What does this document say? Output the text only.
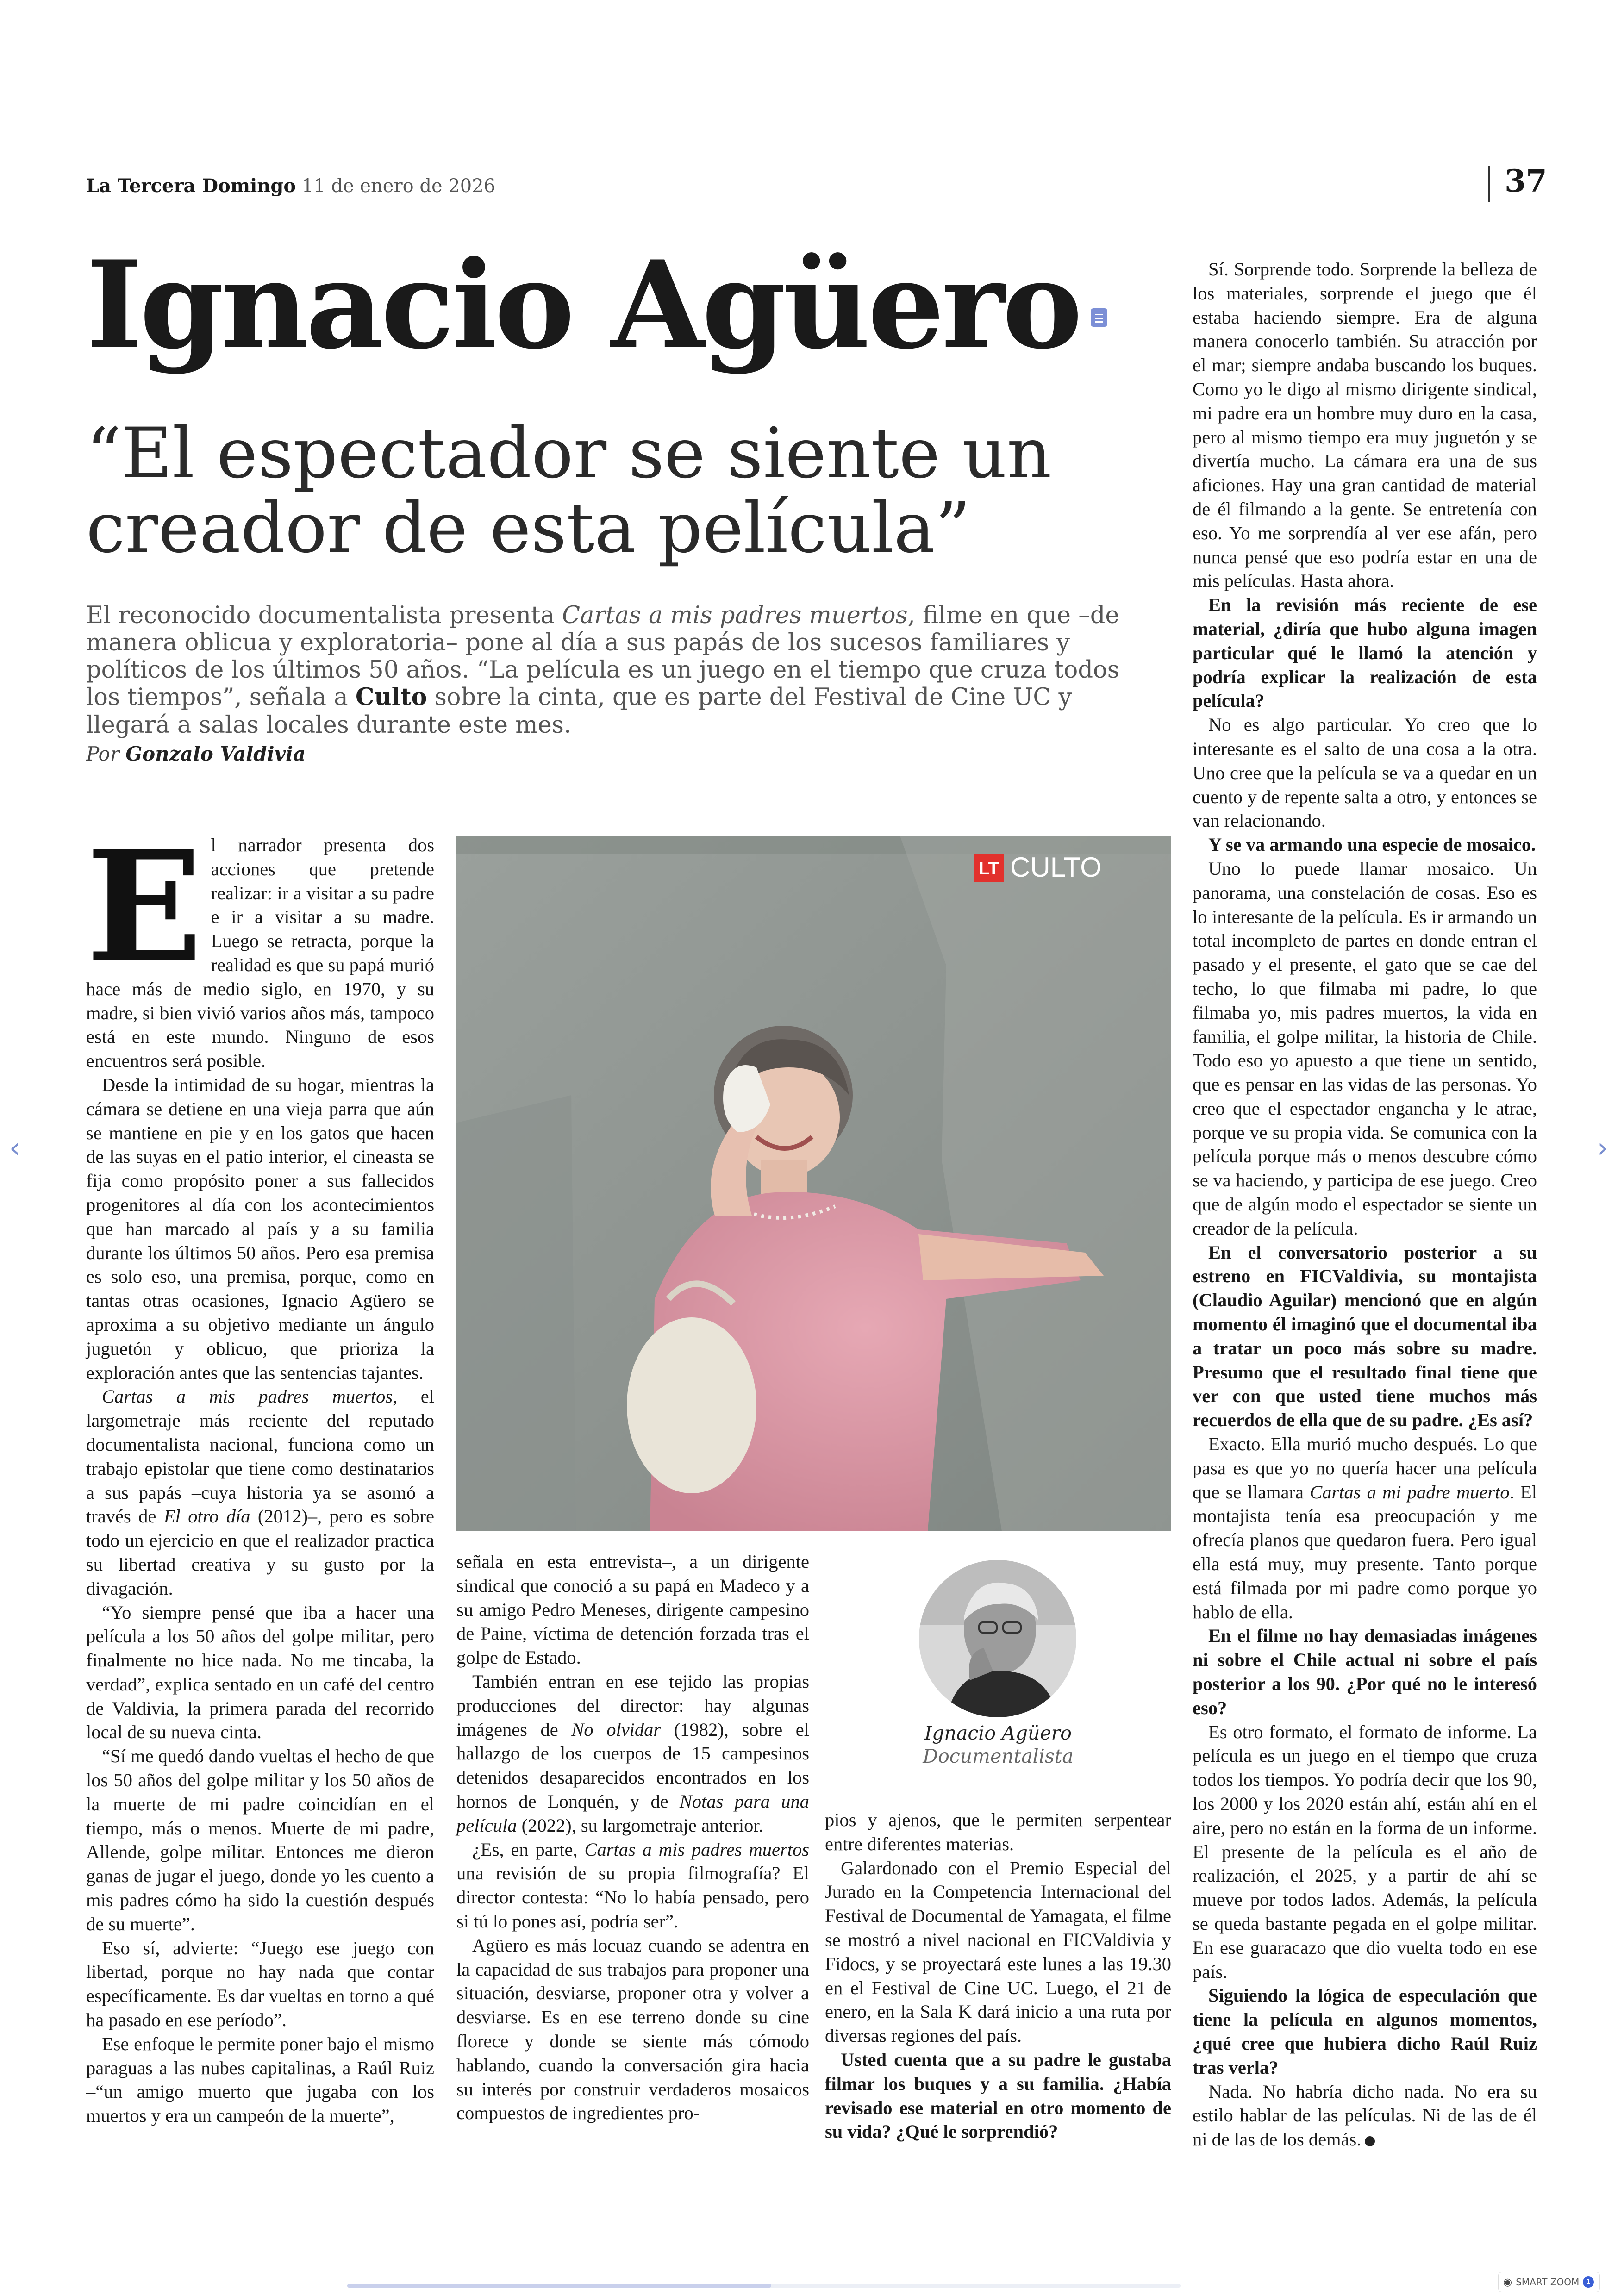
La Tercera Domingo 11 de enero de 2026	37
Ignacio Agüero
“El espectador se siente un creador de esta película”
El reconocido documentalista presenta Cartas a mis padres muertos, filme en que –de manera oblicua y exploratoria– pone al día a sus papás de los sucesos familiares y políticos de los últimos 50 años. “La película es un juego en el tiempo que cruza todos los tiempos”, señala a Culto sobre la cinta, que es parte del Festival de Cine UC y llegará a salas locales durante este mes.
Por Gonzalo Valdivia
E l narrador presenta dos acciones que pretende realizar: ir a visitar a su padre e ir a visitar a su madre. Luego se retracta, porque la realidad es que su papá murió hace más de medio siglo, en 1970, y su madre, si bien vivió varios años más, tampoco está en este mundo. Ninguno de esos encuentros será posible.

Desde la intimidad de su hogar, mientras la cámara se detiene en una vieja parra que aún se mantiene en pie y en los gatos que hacen de las suyas en el patio interior, el cineasta se fija como propósito poner a sus fallecidos progenitores al día con los acontecimientos que han marcado al país y a su familia durante los últimos 50 años. Pero esa premisa es solo eso, una premisa, porque, como en tantas otras ocasiones, Ignacio Agüero se aproxima a su objetivo mediante un ángulo juguetón y oblicuo, que prioriza la exploración antes que las sentencias tajantes.

Cartas a mis padres muertos, el largometraje más reciente del reputado documentalista nacional, funciona como un trabajo epistolar que tiene como destinatarios a sus papás –cuya historia ya se asomó a través de El otro día (2012)–, pero es sobre todo un ejercicio en que el realizador practica su libertad creativa y su gusto por la divagación.

“Yo siempre pensé que iba a hacer una película a los 50 años del golpe militar, pero finalmente no hice nada. No me tincaba, la verdad”, explica sentado en un café del centro de Valdivia, la primera parada del recorrido local de su nueva cinta.

“Sí me quedó dando vueltas el hecho de que los 50 años del golpe militar y los 50 años de la muerte de mi padre coincidían en el tiempo, más o menos. Muerte de mi padre, Allende, golpe militar. Entonces me dieron ganas de jugar el juego, donde yo les cuento a mis padres cómo ha sido la cuestión después de su muerte”.

Eso sí, advierte: “Juego ese juego con libertad, porque no hay nada que contar específicamente. Es dar vueltas en torno a qué ha pasado en ese período”.

Ese enfoque le permite poner bajo el mismo paraguas a las nubes capitalinas, a Raúl Ruiz –“un amigo muerto que jugaba con los muertos y era un campeón de la muerte”,

LT CULTO

señala en esta entrevista–, a un dirigente sindical que conoció a su papá en Madeco y a su amigo Pedro Meneses, dirigente campesino de Paine, víctima de detención forzada tras el golpe de Estado.

También entran en ese tejido las propias producciones del director: hay algunas imágenes de No olvidar (1982), sobre el hallazgo de los cuerpos de 15 campesinos detenidos desaparecidos encontrados en los hornos de Lonquén, y de Notas para una película (2022), su largometraje anterior.

¿Es, en parte, Cartas a mis padres muertos una revisión de su propia filmografía? El director contesta: “No lo había pensado, pero si tú lo pones así, podría ser”.

Agüero es más locuaz cuando se adentra en la capacidad de sus trabajos para proponer una situación, desviarse, proponer otra y volver a desviarse. Es en ese terreno donde su cine florece y donde se siente más cómodo hablando, cuando la conversación gira hacia su interés por construir verdaderos mosaicos compuestos de ingredientes pro-

Ignacio Agüero
Documentalista

pios y ajenos, que le permiten serpentear entre diferentes materias.

Galardonado con el Premio Especial del Jurado en la Competencia Internacional del Festival de Documental de Yamagata, el filme se mostró a nivel nacional en FICValdivia y Fidocs, y se proyectará este lunes a las 19.30 en el Festival de Cine UC. Luego, el 21 de enero, en la Sala K dará inicio a una ruta por diversas regiones del país.

Usted cuenta que a su padre le gustaba filmar los buques y a su familia. ¿Había revisado ese material en otro momento de su vida? ¿Qué le sorprendió?

Sí. Sorprende todo. Sorprende la belleza de los materiales, sorprende el juego que él estaba haciendo siempre. Era de alguna manera conocerlo también. Su atracción por el mar; siempre andaba buscando los buques. Como yo le digo al mismo dirigente sindical, mi padre era un hombre muy duro en la casa, pero al mismo tiempo era muy juguetón y se divertía mucho. La cámara era una de sus aficiones. Hay una gran cantidad de material de él filmando a la gente. Se entretenía con eso. Yo me sorprendía al ver ese afán, pero nunca pensé que eso podría estar en una de mis películas. Hasta ahora.

En la revisión más reciente de ese material, ¿diría que hubo alguna imagen particular qué le llamó la atención y podría explicar la realización de esta película?

No es algo particular. Yo creo que lo interesante es el salto de una cosa a la otra. Uno cree que la película se va a quedar en un cuento y de repente salta a otro, y entonces se van relacionando.

Y se va armando una especie de mosaico.

Uno lo puede llamar mosaico. Un panorama, una constelación de cosas. Eso es lo interesante de la película. Es ir armando un total incompleto de partes en donde entran el pasado y el presente, el gato que se cae del techo, lo que filmaba mi padre, lo que filmaba yo, mis padres muertos, la vida en familia, el golpe militar, la historia de Chile. Todo eso yo apuesto a que tiene un sentido, que es pensar en las vidas de las personas. Yo creo que el espectador engancha y le atrae, porque ve su propia vida. Se comunica con la película porque más o menos descubre cómo se va haciendo, y participa de ese juego. Creo que de algún modo el espectador se siente un creador de la película.

En el conversatorio posterior a su estreno en FICValdivia, su montajista (Claudio Aguilar) mencionó que en algún momento él imaginó que el documental iba a tratar un poco más sobre su madre. Presumo que el resultado final tiene que ver con que usted tiene muchos más recuerdos de ella que de su padre. ¿Es así?

Exacto. Ella murió mucho después. Lo que pasa es que yo no quería hacer una película que se llamara Cartas a mi padre muerto. El montajista tenía esa preocupación y me ofrecía planos que quedaron fuera. Pero igual ella está muy, muy presente. Tanto porque está filmada por mi padre como porque yo hablo de ella.

En el filme no hay demasiadas imágenes ni sobre el Chile actual ni sobre el país posterior a los 90. ¿Por qué no le interesó eso?

Es otro formato, el formato de informe. La película es un juego en el tiempo que cruza todos los tiempos. Yo podría decir que los 90, los 2000 y los 2020 están ahí, están ahí en el aire, pero no están en la forma de un informe. El presente de la película es el año de realización, el 2025, y a partir de ahí se mueve por todos lados. Además, la película se queda bastante pegada en el golpe militar. En ese guaracazo que dio vuelta todo en ese país.

Siguiendo la lógica de especulación que tiene la película en algunos momentos, ¿qué cree que hubiera dicho Raúl Ruiz tras verla?

Nada. No habría dicho nada. No era su estilo hablar de las películas. Ni de las de él ni de las de los demás.

‹	›
◉ SMART ZOOM	1
